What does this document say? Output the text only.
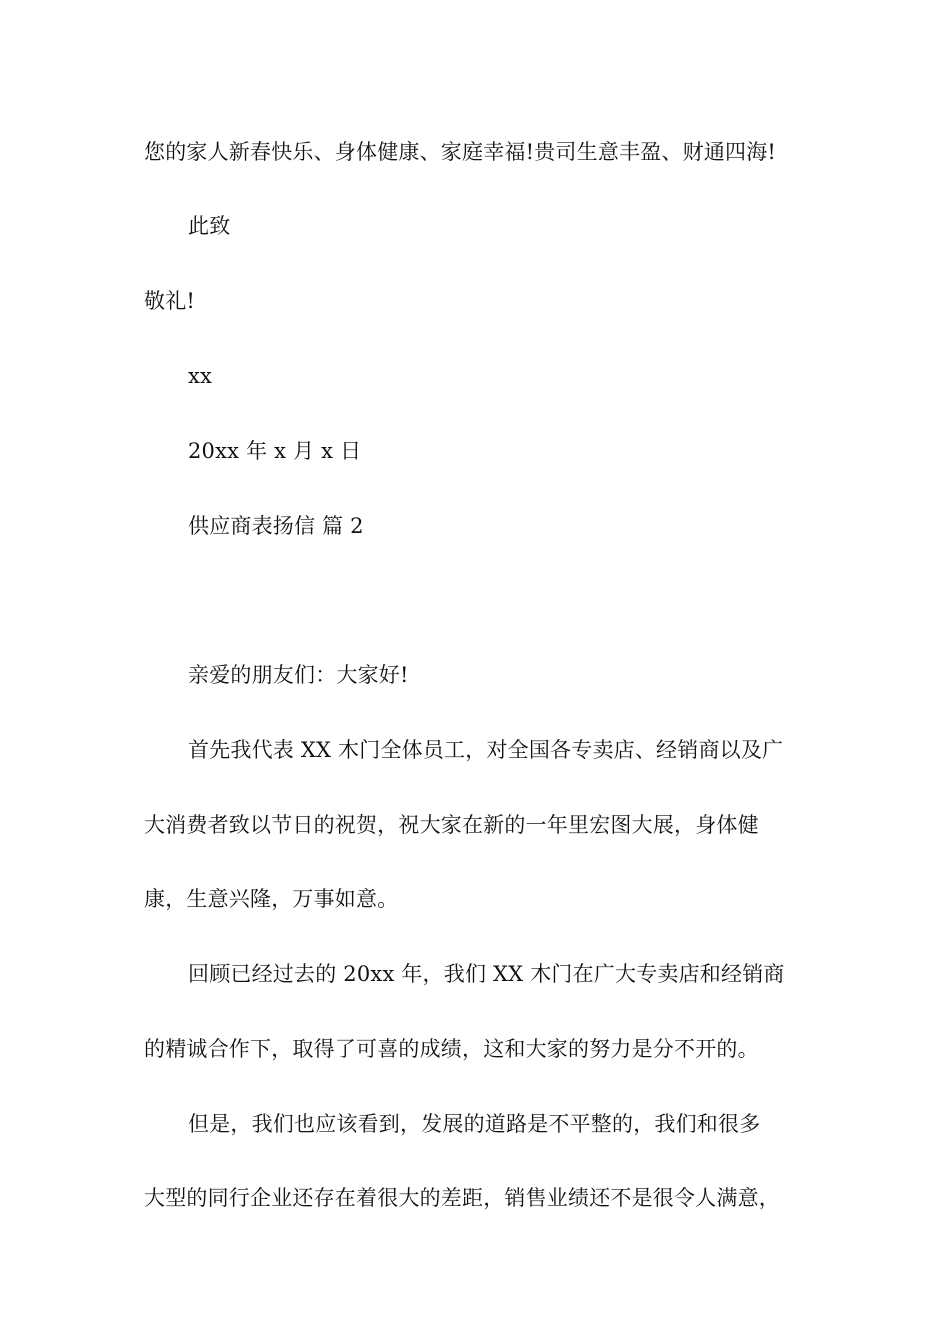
您的家人新春快乐、身体健康、家庭幸福!贵司生意丰盈、财通四海!
此致
敬礼!
xx
20xx 年 x 月 x 日
供应商表扬信 篇 2
亲爱的朋友们：大家好!
首先我代表 XX 木门全体员工，对全国各专卖店、经销商以及广
大消费者致以节日的祝贺，祝大家在新的一年里宏图大展，身体健
康，生意兴隆，万事如意。
回顾已经过去的 20xx 年，我们 XX 木门在广大专卖店和经销商
的精诚合作下，取得了可喜的成绩，这和大家的努力是分不开的。
但是，我们也应该看到，发展的道路是不平整的，我们和很多
大型的同行企业还存在着很大的差距，销售业绩还不是很令人满意，
